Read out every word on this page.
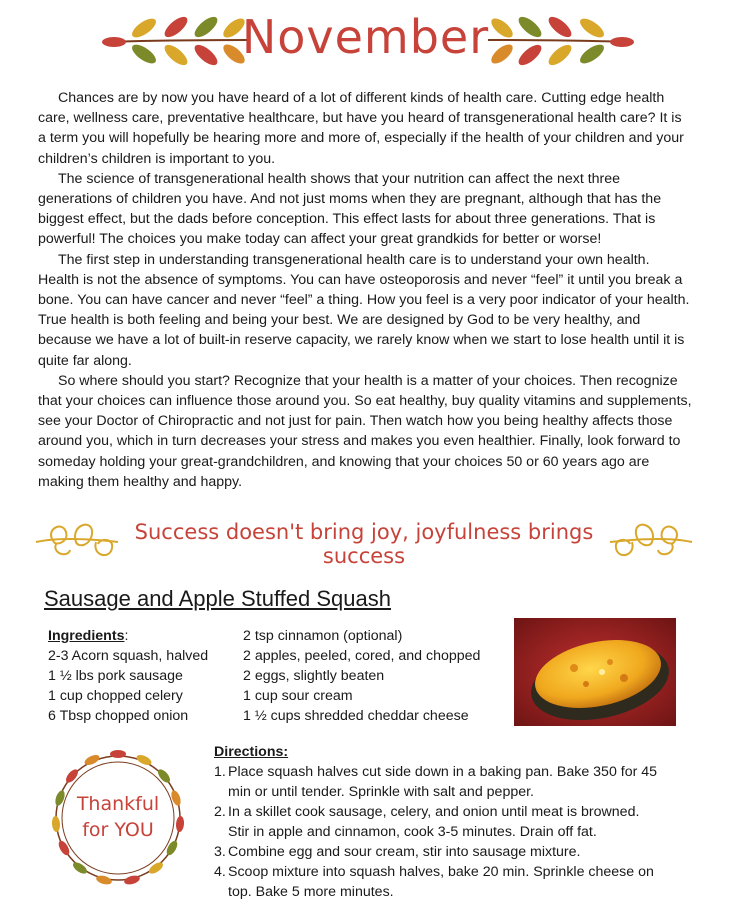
November

Chances are by now you have heard of a lot of different kinds of health care. Cutting edge health care, wellness care, preventative healthcare, but have you heard of transgenerational health care? It is a term you will hopefully be hearing more and more of, especially if the health of your children and your children’s children is important to you.

The science of transgenerational health shows that your nutrition can affect the next three generations of children you have. And not just moms when they are pregnant, although that has the biggest effect, but the dads before conception. This effect lasts for about three generations. That is powerful! The choices you make today can affect your great grandkids for better or worse!

The first step in understanding transgenerational health care is to understand your own health. Health is not the absence of symptoms. You can have osteoporosis and never “feel” it until you break a bone. You can have cancer and never “feel” a thing. How you feel is a very poor indicator of your health. True health is both feeling and being your best. We are designed by God to be very healthy, and because we have a lot of built-in reserve capacity, we rarely know when we start to lose health until it is quite far along.

So where should you start? Recognize that your health is a matter of your choices. Then recognize that your choices can influence those around you. So eat healthy, buy quality vitamins and supplements, see your Doctor of Chiropractic and not just for pain. Then watch how you being healthy affects those around you, which in turn decreases your stress and makes you even healthier. Finally, look forward to someday holding your great-grandchildren, and knowing that your choices 50 or 60 years ago are making them healthy and happy.

Success doesn't bring joy, joyfulness brings success
Sausage and Apple Stuffed Squash
Ingredients:
2-3 Acorn squash, halved
1 ½ lbs pork sausage
1 cup chopped celery
6 Tbsp chopped onion
2 tsp cinnamon (optional)
2 apples, peeled, cored, and chopped
2 eggs, slightly beaten
1 cup sour cream
1 ½ cups shredded cheddar cheese
Thankful
for YOU
Directions:
1. Place squash halves cut side down in a baking pan. Bake 350 for 45 min or until tender. Sprinkle with salt and pepper.
2. In a skillet cook sausage, celery, and onion until meat is browned. Stir in apple and cinnamon, cook 3-5 minutes. Drain off fat.
3. Combine egg and sour cream, stir into sausage mixture.
4. Scoop mixture into squash halves, bake 20 min. Sprinkle cheese on top. Bake 5 more minutes.
